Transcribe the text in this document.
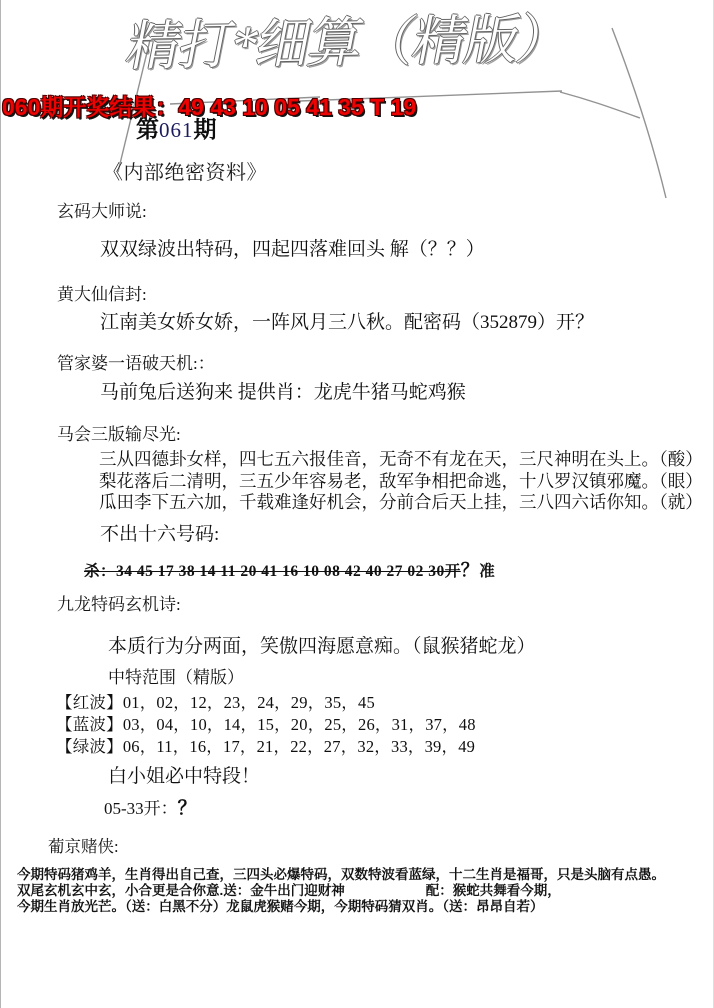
精打*细算（精版）
060期开奖结果：49 43 10 05 41 35 T 19
第061期
《内部绝密资料》
玄码大师说:
双双绿波出特码，四起四落难回头 解（？？）
黄大仙信封:
江南美女娇女娇，一阵风月三八秋。配密码（352879）开？
管家婆一语破天机:：
马前兔后送狗来 提供肖：龙虎牛猪马蛇鸡猴
马会三版输尽光:
三从四德卦女样，四七五六报佳音，无奇不有龙在天，三尺神明在头上。（酸）
梨花落后二清明，三五少年容易老，敌军争相把命逃，十八罗汉镇邪魔。（眼）
瓜田李下五六加，千载难逢好机会，分前合后天上挂，三八四六话你知。（就）
不出十六号码:
杀：34 45 17 38 14 11 20 41 16 10 08 42 40 27 02 30开？准
九龙特码玄机诗:
本质行为分两面，笑傲四海愿意痴。（鼠猴猪蛇龙）
中特范围（精版）
【红波】01，02，12，23，24，29，35，45
【蓝波】03，04，10，14，15，20，25，26，31，37，48
【绿波】06，11，16，17，21，22，27，32，33，39，49
白小姐必中特段！
05-33开：？
葡京赌侠:
今期特码猪鸡羊，生肖得出自己查，三四头必爆特码，双数特波看蓝绿，十二生肖是福哥，只是头脑有点愚。
双尾玄机玄中玄，小合更是合你意.送：金牛出门迎财神　　　　　　配：猴蛇共舞看今期，
今期生肖放光芒。（送：白黑不分）龙鼠虎猴赌今期，今期特码猜双肖。（送：昂昂自若）
